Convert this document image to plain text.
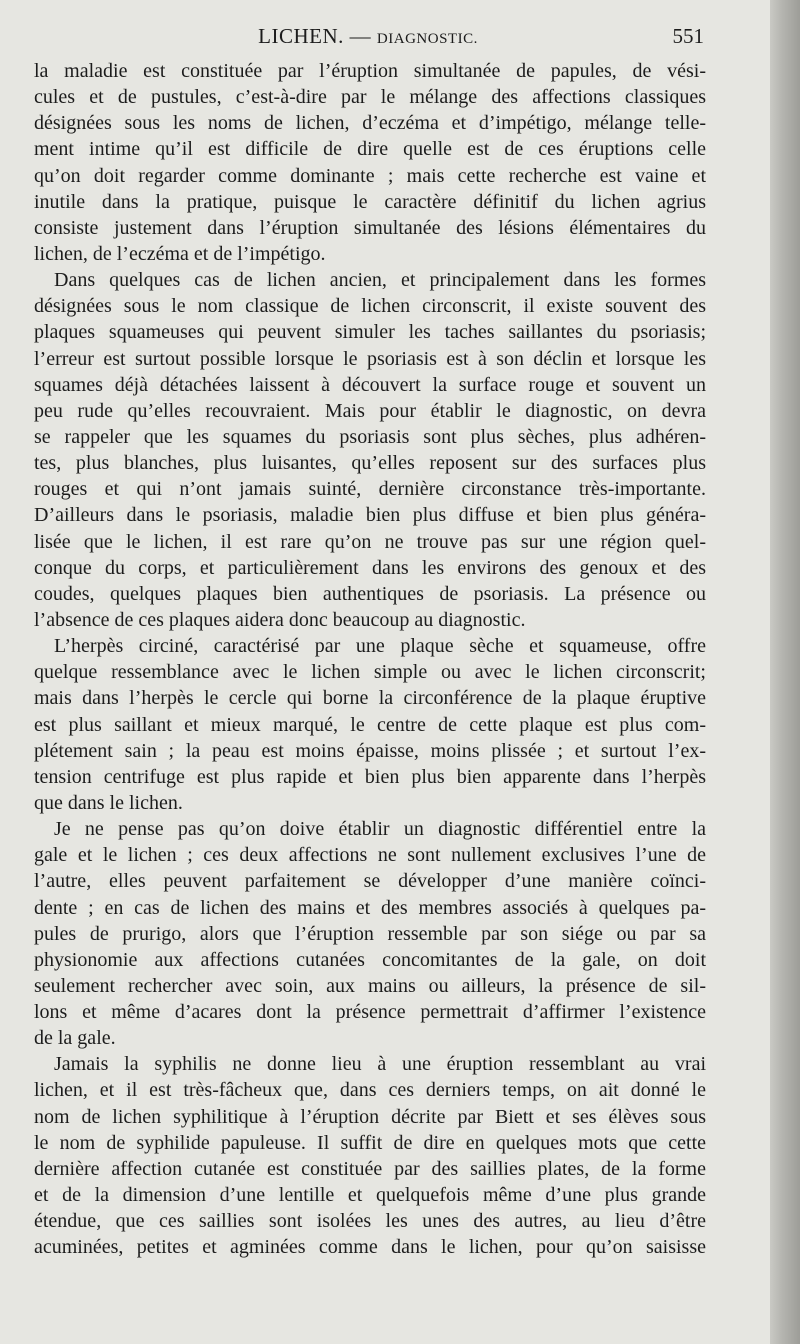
LICHEN. — DIAGNOSTIC.	551
la maladie est constituée par l’éruption simultanée de papules, de vési-
cules et de pustules, c’est-à-dire par le mélange des affections classiques
désignées sous les noms de lichen, d’eczéma et d’impétigo, mélange telle-
ment intime qu’il est difficile de dire quelle est de ces éruptions celle
qu’on doit regarder comme dominante ; mais cette recherche est vaine et
inutile dans la pratique, puisque le caractère définitif du lichen agrius
consiste justement dans l’éruption simultanée des lésions élémentaires du
lichen, de l’eczéma et de l’impétigo.
Dans quelques cas de lichen ancien, et principalement dans les formes
désignées sous le nom classique de lichen circonscrit, il existe souvent des
plaques squameuses qui peuvent simuler les taches saillantes du psoriasis;
l’erreur est surtout possible lorsque le psoriasis est à son déclin et lorsque les
squames déjà détachées laissent à découvert la surface rouge et souvent un
peu rude qu’elles recouvraient. Mais pour établir le diagnostic, on devra
se rappeler que les squames du psoriasis sont plus sèches, plus adhéren-
tes, plus blanches, plus luisantes, qu’elles reposent sur des surfaces plus
rouges et qui n’ont jamais suinté, dernière circonstance très-importante.
D’ailleurs dans le psoriasis, maladie bien plus diffuse et bien plus généra-
lisée que le lichen, il est rare qu’on ne trouve pas sur une région quel-
conque du corps, et particulièrement dans les environs des genoux et des
coudes, quelques plaques bien authentiques de psoriasis. La présence ou
l’absence de ces plaques aidera donc beaucoup au diagnostic.
L’herpès circiné, caractérisé par une plaque sèche et squameuse, offre
quelque ressemblance avec le lichen simple ou avec le lichen circonscrit;
mais dans l’herpès le cercle qui borne la circonférence de la plaque éruptive
est plus saillant et mieux marqué, le centre de cette plaque est plus com-
plétement sain ; la peau est moins épaisse, moins plissée ; et surtout l’ex-
tension centrifuge est plus rapide et bien plus bien apparente dans l’herpès
que dans le lichen.
Je ne pense pas qu’on doive établir un diagnostic différentiel entre la
gale et le lichen ; ces deux affections ne sont nullement exclusives l’une de
l’autre, elles peuvent parfaitement se développer d’une manière coïnci-
dente ; en cas de lichen des mains et des membres associés à quelques pa-
pules de prurigo, alors que l’éruption ressemble par son siége ou par sa
physionomie aux affections cutanées concomitantes de la gale, on doit
seulement rechercher avec soin, aux mains ou ailleurs, la présence de sil-
lons et même d’acares dont la présence permettrait d’affirmer l’existence
de la gale.
Jamais la syphilis ne donne lieu à une éruption ressemblant au vrai
lichen, et il est très-fâcheux que, dans ces derniers temps, on ait donné le
nom de lichen syphilitique à l’éruption décrite par Biett et ses élèves sous
le nom de syphilide papuleuse. Il suffit de dire en quelques mots que cette
dernière affection cutanée est constituée par des saillies plates, de la forme
et de la dimension d’une lentille et quelquefois même d’une plus grande
étendue, que ces saillies sont isolées les unes des autres, au lieu d’être
acuminées, petites et agminées comme dans le lichen, pour qu’on saisisse
